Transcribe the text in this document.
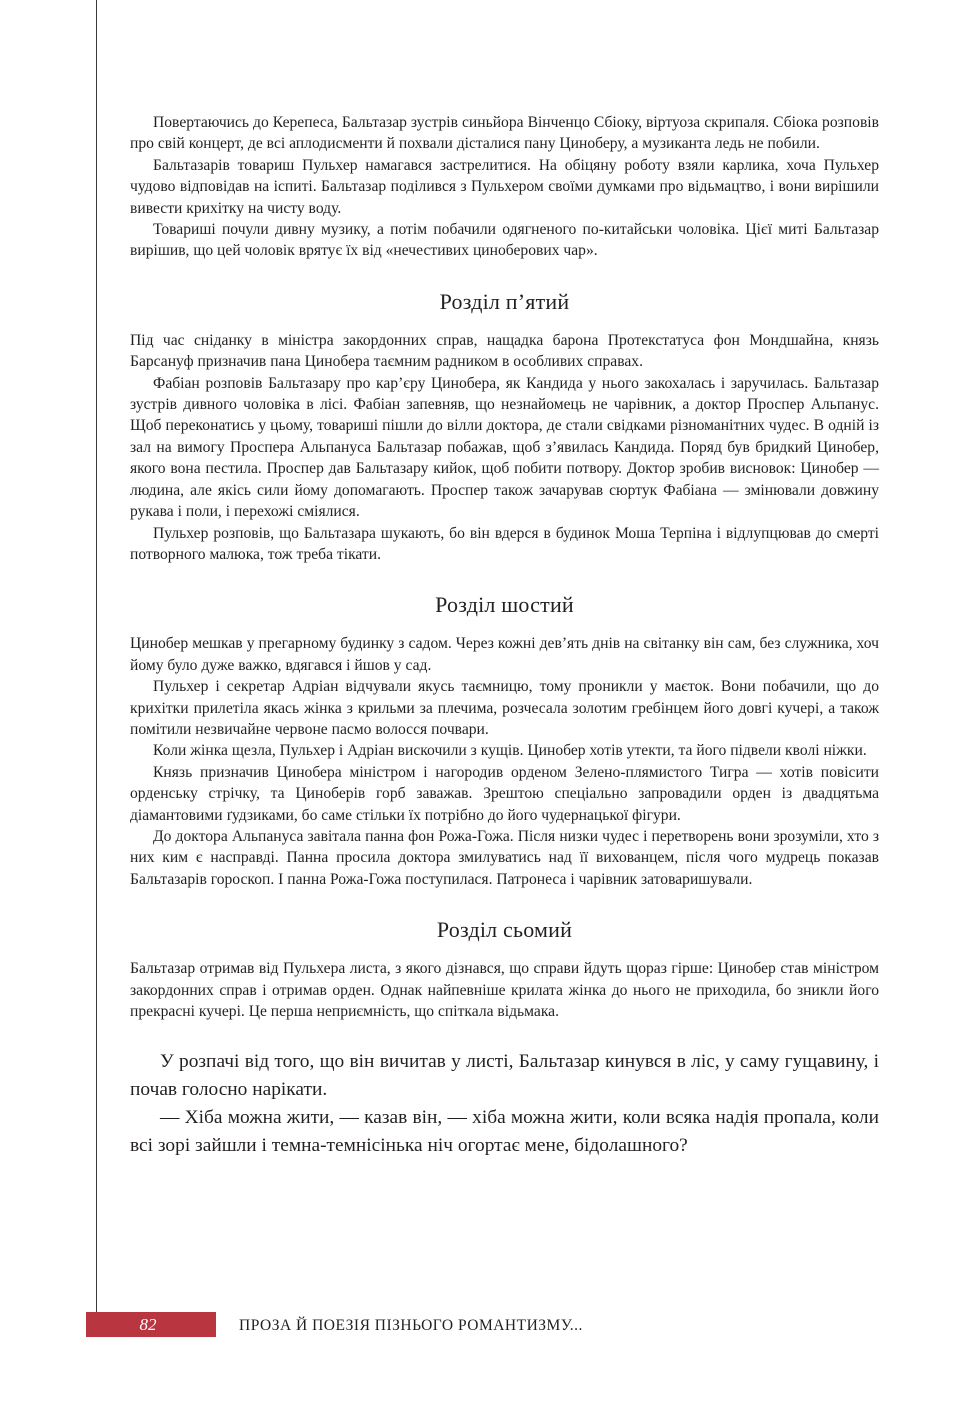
Повертаючись до Керепеса, Бальтазар зустрів синьйора Вінченцо Сбіоку, віртуоза скрипаля. Сбіока розповів про свій концерт, де всі аплодисменти й похвали дісталися пану Циноберу, а музиканта ледь не побили.

Бальтазарів товариш Пульхер намагався застрелитися. На обіцяну роботу взяли карлика, хоча Пульхер чудово відповідав на іспиті. Бальтазар поділився з Пульхером своїми думками про відьмацтво, і вони вирішили вивести крихітку на чисту воду.

Товариші почули дивну музику, а потім побачили одягненого по-китайськи чоловіка. Цієї миті Бальтазар вирішив, що цей чоловік врятує їх від «нечестивих циноберових чар».

Розділ п’ятий

Під час сніданку в міністра закордонних справ, нащадка барона Протекстатуса фон Мондшайна, князь Барсануф призначив пана Цинобера таємним радником в особливих справах.

Фабіан розповів Бальтазару про кар’єру Цинобера, як Кандида у нього закохалась і заручилась. Бальтазар зустрів дивного чоловіка в лісі. Фабіан запевняв, що незнайомець не чарівник, а доктор Проспер Альпанус. Щоб переконатись у цьому, товариші пішли до вілли доктора, де стали свідками різноманітних чудес. В одній із зал на вимогу Проспера Альпануса Бальтазар побажав, щоб з’явилась Кандида. Поряд був бридкий Цинобер, якого вона пестила. Проспер дав Бальтазару кийок, щоб побити потвору. Доктор зробив висновок: Цинобер — людина, але якісь сили йому допомагають. Проспер також зачарував сюртук Фабіана — змінювали довжину рукава і поли, і перехожі сміялися.

Пульхер розповів, що Бальтазара шукають, бо він вдерся в будинок Моша Терпіна і відлупцював до смерті потворного малюка, тож треба тікати.

Розділ шостий

Цинобер мешкав у прегарному будинку з садом. Через кожні дев’ять днів на світанку він сам, без служника, хоч йому було дуже важко, вдягався і йшов у сад.

Пульхер і секретар Адріан відчували якусь таємницю, тому проникли у маєток. Вони побачили, що до крихітки прилетіла якась жінка з крильми за плечима, розчесала золотим гребінцем його довгі кучері, а також помітили незвичайне червоне пасмо волосся почвари.

Коли жінка щезла, Пульхер і Адріан вискочили з кущів. Цинобер хотів утекти, та його підвели кволі ніжки.

Князь призначив Цинобера міністром і нагородив орденом Зелено-плямистого Тигра — хотів повісити орденську стрічку, та Циноберів горб заважав. Зрештою спеціально запровадили орден із двадцятьма діамантовими ґудзиками, бо саме стільки їх потрібно до його чудернацької фігури.

До доктора Альпануса завітала панна фон Рожа-Гожа. Після низки чудес і перетворень вони зрозуміли, хто з них ким є насправді. Панна просила доктора змилуватись над її вихованцем, після чого мудрець показав Бальтазарів гороскоп. І панна Рожа-Гожа поступилася. Патронеса і чарівник затоваришували.

Розділ сьомий

Бальтазар отримав від Пульхера листа, з якого дізнався, що справи йдуть щораз гірше: Цинобер став міністром закордонних справ і отримав орден. Однак найпевніше крилата жінка до нього не приходила, бо зникли його прекрасні кучері. Це перша неприємність, що спіткала відьмака.

У розпачі від того, що він вичитав у листі, Бальтазар кинувся в ліс, у саму гущавину, і почав голосно нарікати.

— Хіба можна жити, — казав він, — хіба можна жити, коли всяка надія пропала, коли всі зорі зайшли і темна-темнісінька ніч огортає мене, бідолашного?

82	ПРОЗА Й ПОЕЗІЯ ПІЗНЬОГО РОМАНТИЗМУ...
